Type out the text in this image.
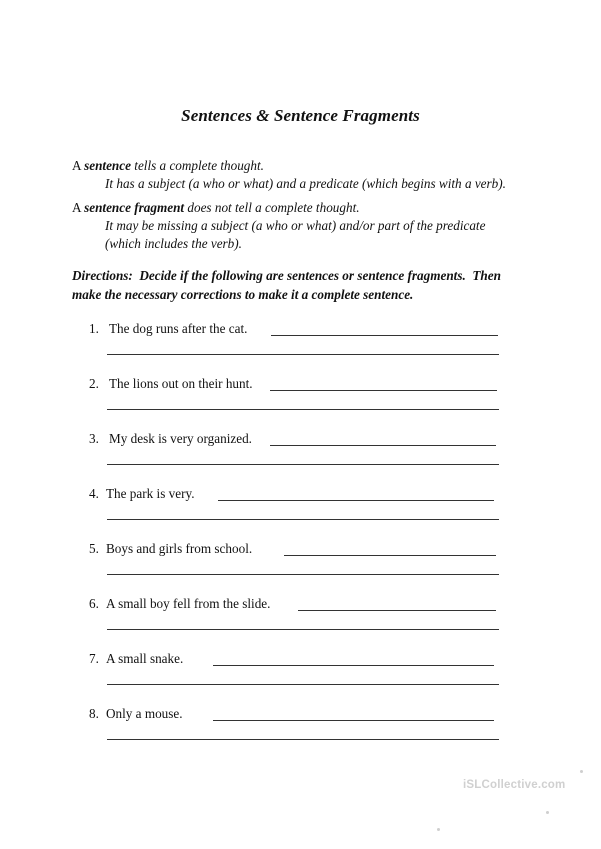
Sentences & Sentence Fragments
A sentence tells a complete thought.
It has a subject (a who or what) and a predicate (which begins with a verb).
A sentence fragment does not tell a complete thought.
It may be missing a subject (a who or what) and/or part of the predicate
(which includes the verb).
Directions:  Decide if the following are sentences or sentence fragments.  Then
make the necessary corrections to make it a complete sentence.
1. The dog runs after the cat.
2. The lions out on their hunt.
3. My desk is very organized.
4. The park is very.
5. Boys and girls from school.
6. A small boy fell from the slide.
7. A small snake.
8. Only a mouse.
iSLCollective.com
